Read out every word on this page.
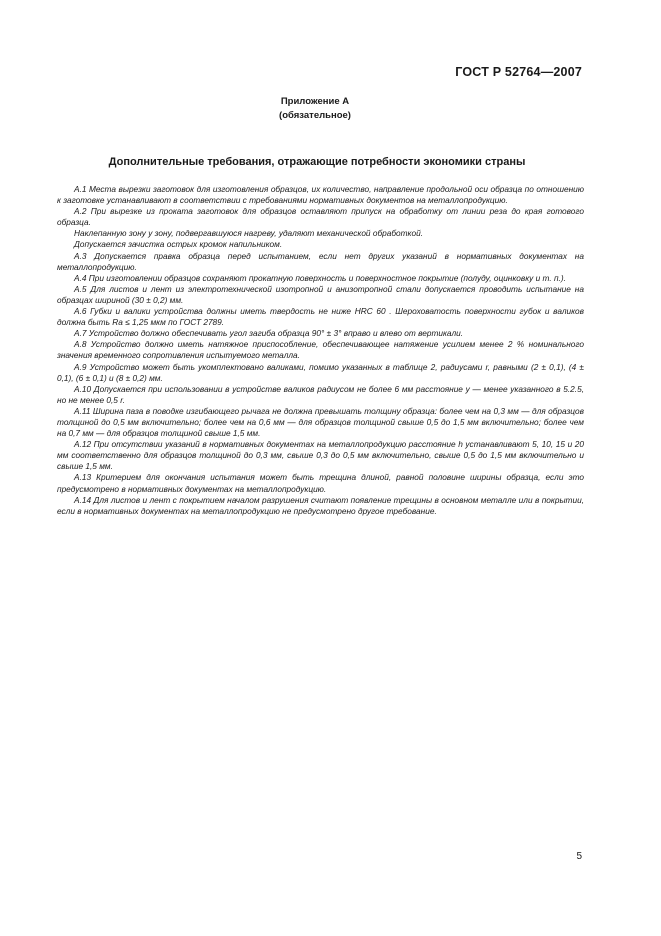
ГОСТ Р 52764—2007
Приложение А
(обязательное)
Дополнительные требования, отражающие потребности экономики страны

А.1 Места вырезки заготовок для изготовления образцов, их количество, направление продольной оси образца по отношению к заготовке устанавливают в соответствии с требованиями нормативных документов на металлопродукцию.

А.2 При вырезке из проката заготовок для образцов оставляют припуск на обработку от линии реза до края готового образца.

Наклепанную зону у зону, подвергавшуюся нагреву, удаляют механической обработкой.

Допускается зачистка острых кромок напильником.

А.3 Допускается правка образца перед испытанием, если нет других указаний в нормативных документах на металлопродукцию.

А.4 При изготовлении образцов сохраняют прокатную поверхность и поверхностное покрытие (полуду, оцинковку и т. п.).

А.5 Для листов и лент из электротехнической изотропной и анизотропной стали допускается проводить испытание на образцах шириной (30 ± 0,2) мм.

А.6 Губки и валики устройства должны иметь твердость не ниже HRC 60 . Шероховатость поверхности губок и валиков должна быть Ra ≤ 1,25 мкм по ГОСТ 2789.

А.7 Устройство должно обеспечивать угол загиба образца 90° ± 3° вправо и влево от вертикали.

А.8 Устройство должно иметь натяжное приспособление, обеспечивающее натяжение усилием менее 2 % номинального значения временного сопротивления испытуемого металла.

А.9 Устройство может быть укомплектовано валиками, помимо указанных в таблице 2, радиусами r, равными (2 ± 0,1), (4 ± 0,1), (6 ± 0,1) и (8 ± 0,2) мм.

А.10 Допускается при использовании в устройстве валиков радиусом не более 6 мм расстояние у — менее указанного в 5.2.5, но не менее 0,5 r.

А.11 Ширина паза в поводке изгибающего рычага не должна превышать толщину образца: более чем на 0,3 мм — для образцов толщиной до 0,5 мм включительно; более чем на 0,6 мм — для образцов толщиной свыше 0,5 до 1,5 мм включительно; более чем на 0,7 мм — для образцов толщиной свыше 1,5 мм.

А.12 При отсутствии указаний в нормативных документах на металлопродукцию расстояние h устанавливают 5, 10, 15 и 20 мм соответственно для образцов толщиной до 0,3 мм, свыше 0,3 до 0,5 мм включительно, свыше 0,5 до 1,5 мм включительно и свыше 1,5 мм.

А.13 Критерием для окончания испытания может быть трещина длиной, равной половине ширины образца, если это предусмотрено в нормативных документах на металлопродукцию.

А.14 Для листов и лент с покрытием началом разрушения считают появление трещины в основном металле или в покрытии, если в нормативных документах на металлопродукцию не предусмотрено другое требование.

5
